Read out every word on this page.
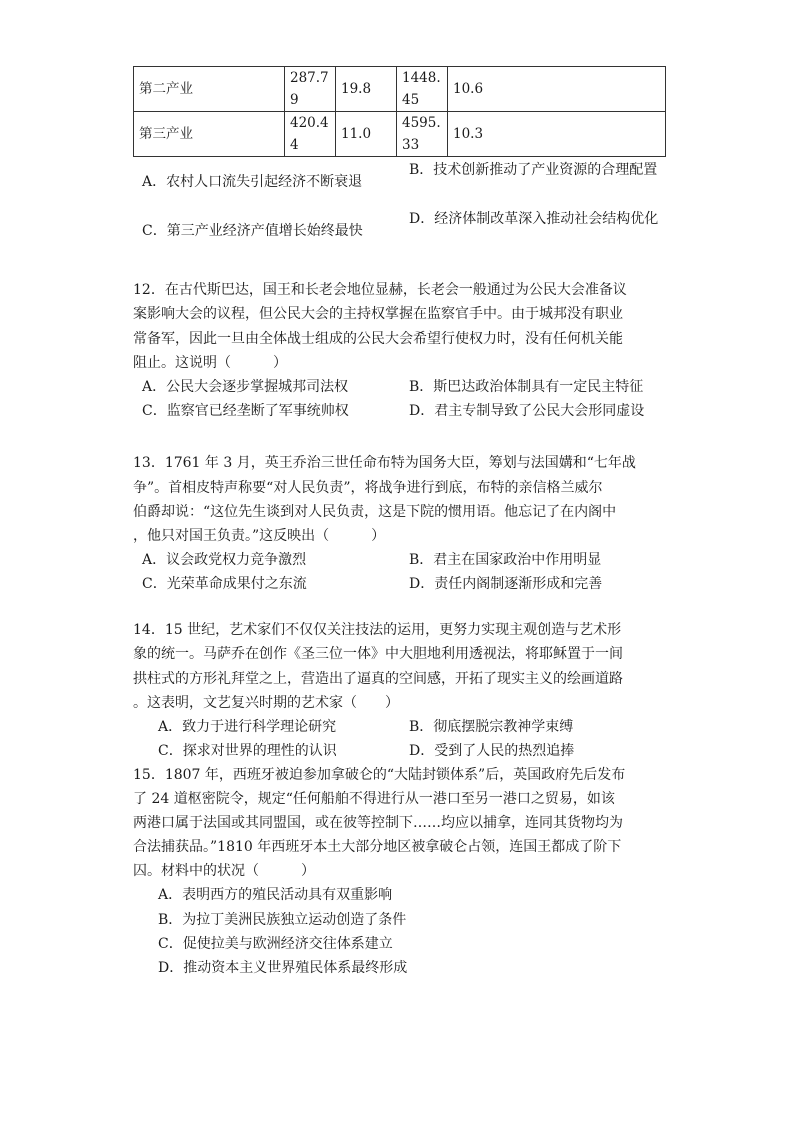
第二产业	287.79	19.8	1448.45	10.6
第三产业	420.44	11.0	4595.33	10.3
A．农村人口流失引起经济不断衰退
B．技术创新推动了产业资源的合理配置
C．第三产业经济产值增长始终最快
D．经济体制改革深入推动社会结构优化
12．在古代斯巴达，国王和长老会地位显赫，长老会一般通过为公民大会准备议
案影响大会的议程，但公民大会的主持权掌握在监察官手中。由于城邦没有职业
常备军，因此一旦由全体战士组成的公民大会希望行使权力时，没有任何机关能
阻止。这说明（　　　）
A．公民大会逐步掌握城邦司法权	B．斯巴达政治体制具有一定民主特征
C．监察官已经垄断了军事统帅权	D．君主专制导致了公民大会形同虚设
13．1761 年 3 月，英王乔治三世任命布特为国务大臣，筹划与法国媾和“七年战
争”。首相皮特声称要“对人民负责”，将战争进行到底，布特的亲信格兰威尔
伯爵却说：“这位先生谈到对人民负责，这是下院的惯用语。他忘记了在内阁中
，他只对国王负责。”这反映出（　　　）
A．议会政党权力竞争激烈	B．君主在国家政治中作用明显
C．光荣革命成果付之东流	D．责任内阁制逐渐形成和完善
14．15 世纪，艺术家们不仅仅关注技法的运用，更努力实现主观创造与艺术形
象的统一。马萨乔在创作《圣三位一体》中大胆地利用透视法，将耶稣置于一间
拱柱式的方形礼拜堂之上，营造出了逼真的空间感，开拓了现实主义的绘画道路
。这表明，文艺复兴时期的艺术家（　　）
A．致力于进行科学理论研究	B．彻底摆脱宗教神学束缚
C．探求对世界的理性的认识	D．受到了人民的热烈追捧
15．1807 年，西班牙被迫参加拿破仑的“大陆封锁体系”后，英国政府先后发布
了 24 道枢密院令，规定“任何船舶不得进行从一港口至另一港口之贸易，如该
两港口属于法国或其同盟国，或在彼等控制下……均应以捕拿，连同其货物均为
合法捕获品。”1810 年西班牙本土大部分地区被拿破仑占领，连国王都成了阶下
囚。材料中的状况（　　　）
A．表明西方的殖民活动具有双重影响
B．为拉丁美洲民族独立运动创造了条件
C．促使拉美与欧洲经济交往体系建立
D．推动资本主义世界殖民体系最终形成
